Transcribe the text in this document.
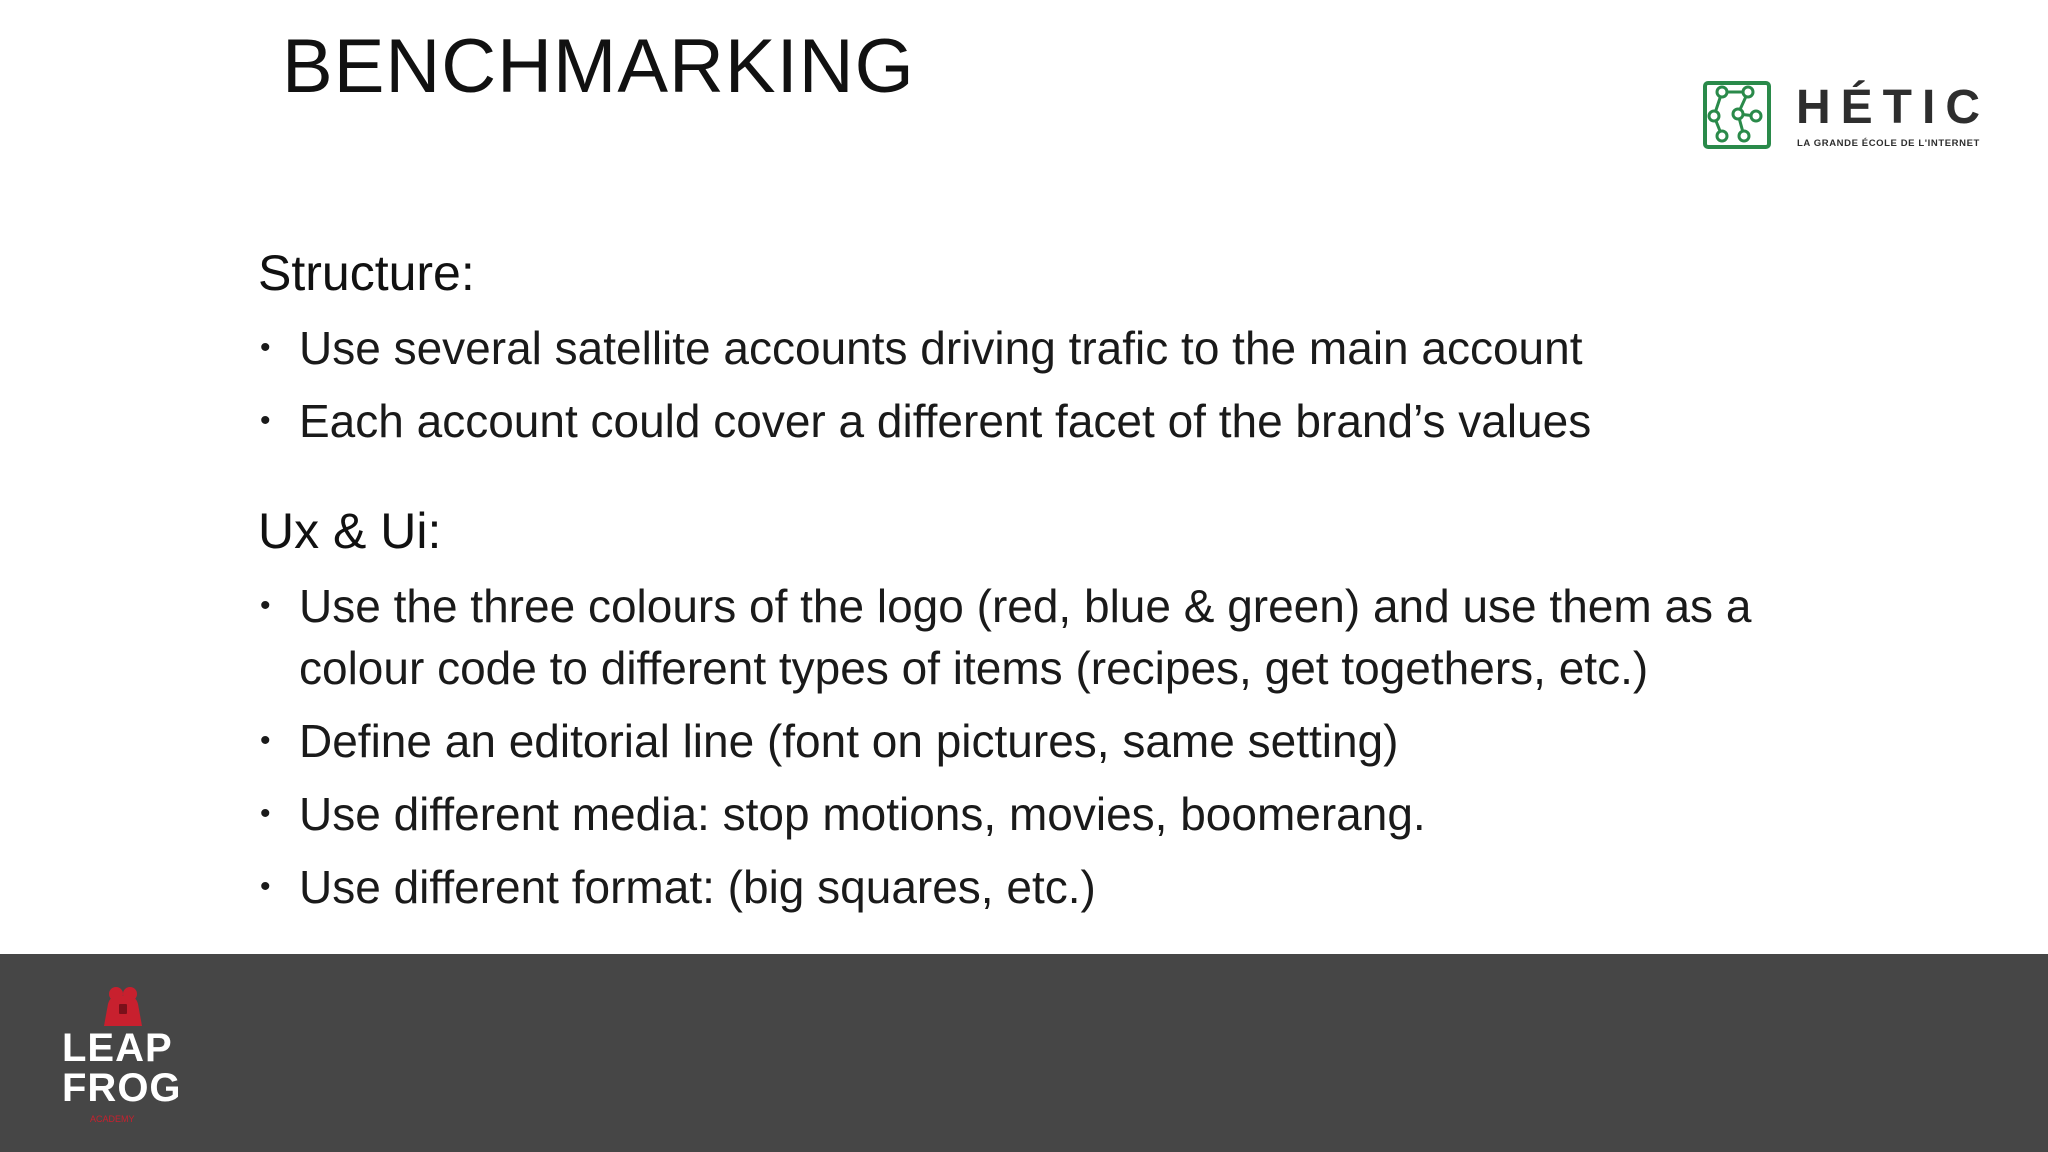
BENCHMARKING	HÉTIC
LA GRANDE ÉCOLE DE L'INTERNET

Structure:

• Use several satellite accounts driving trafic to the main account
• Each account could cover a different facet of the brand’s values

Ux & Ui:

• Use the three colours of the logo (red, blue & green) and use them as a colour code to different types of items (recipes, get togethers, etc.)
• Define an editorial line (font on pictures, same setting)
• Use different media: stop motions, movies, boomerang.
• Use different format: (big squares, etc.)
LEAP
FROG
ACADEMY
